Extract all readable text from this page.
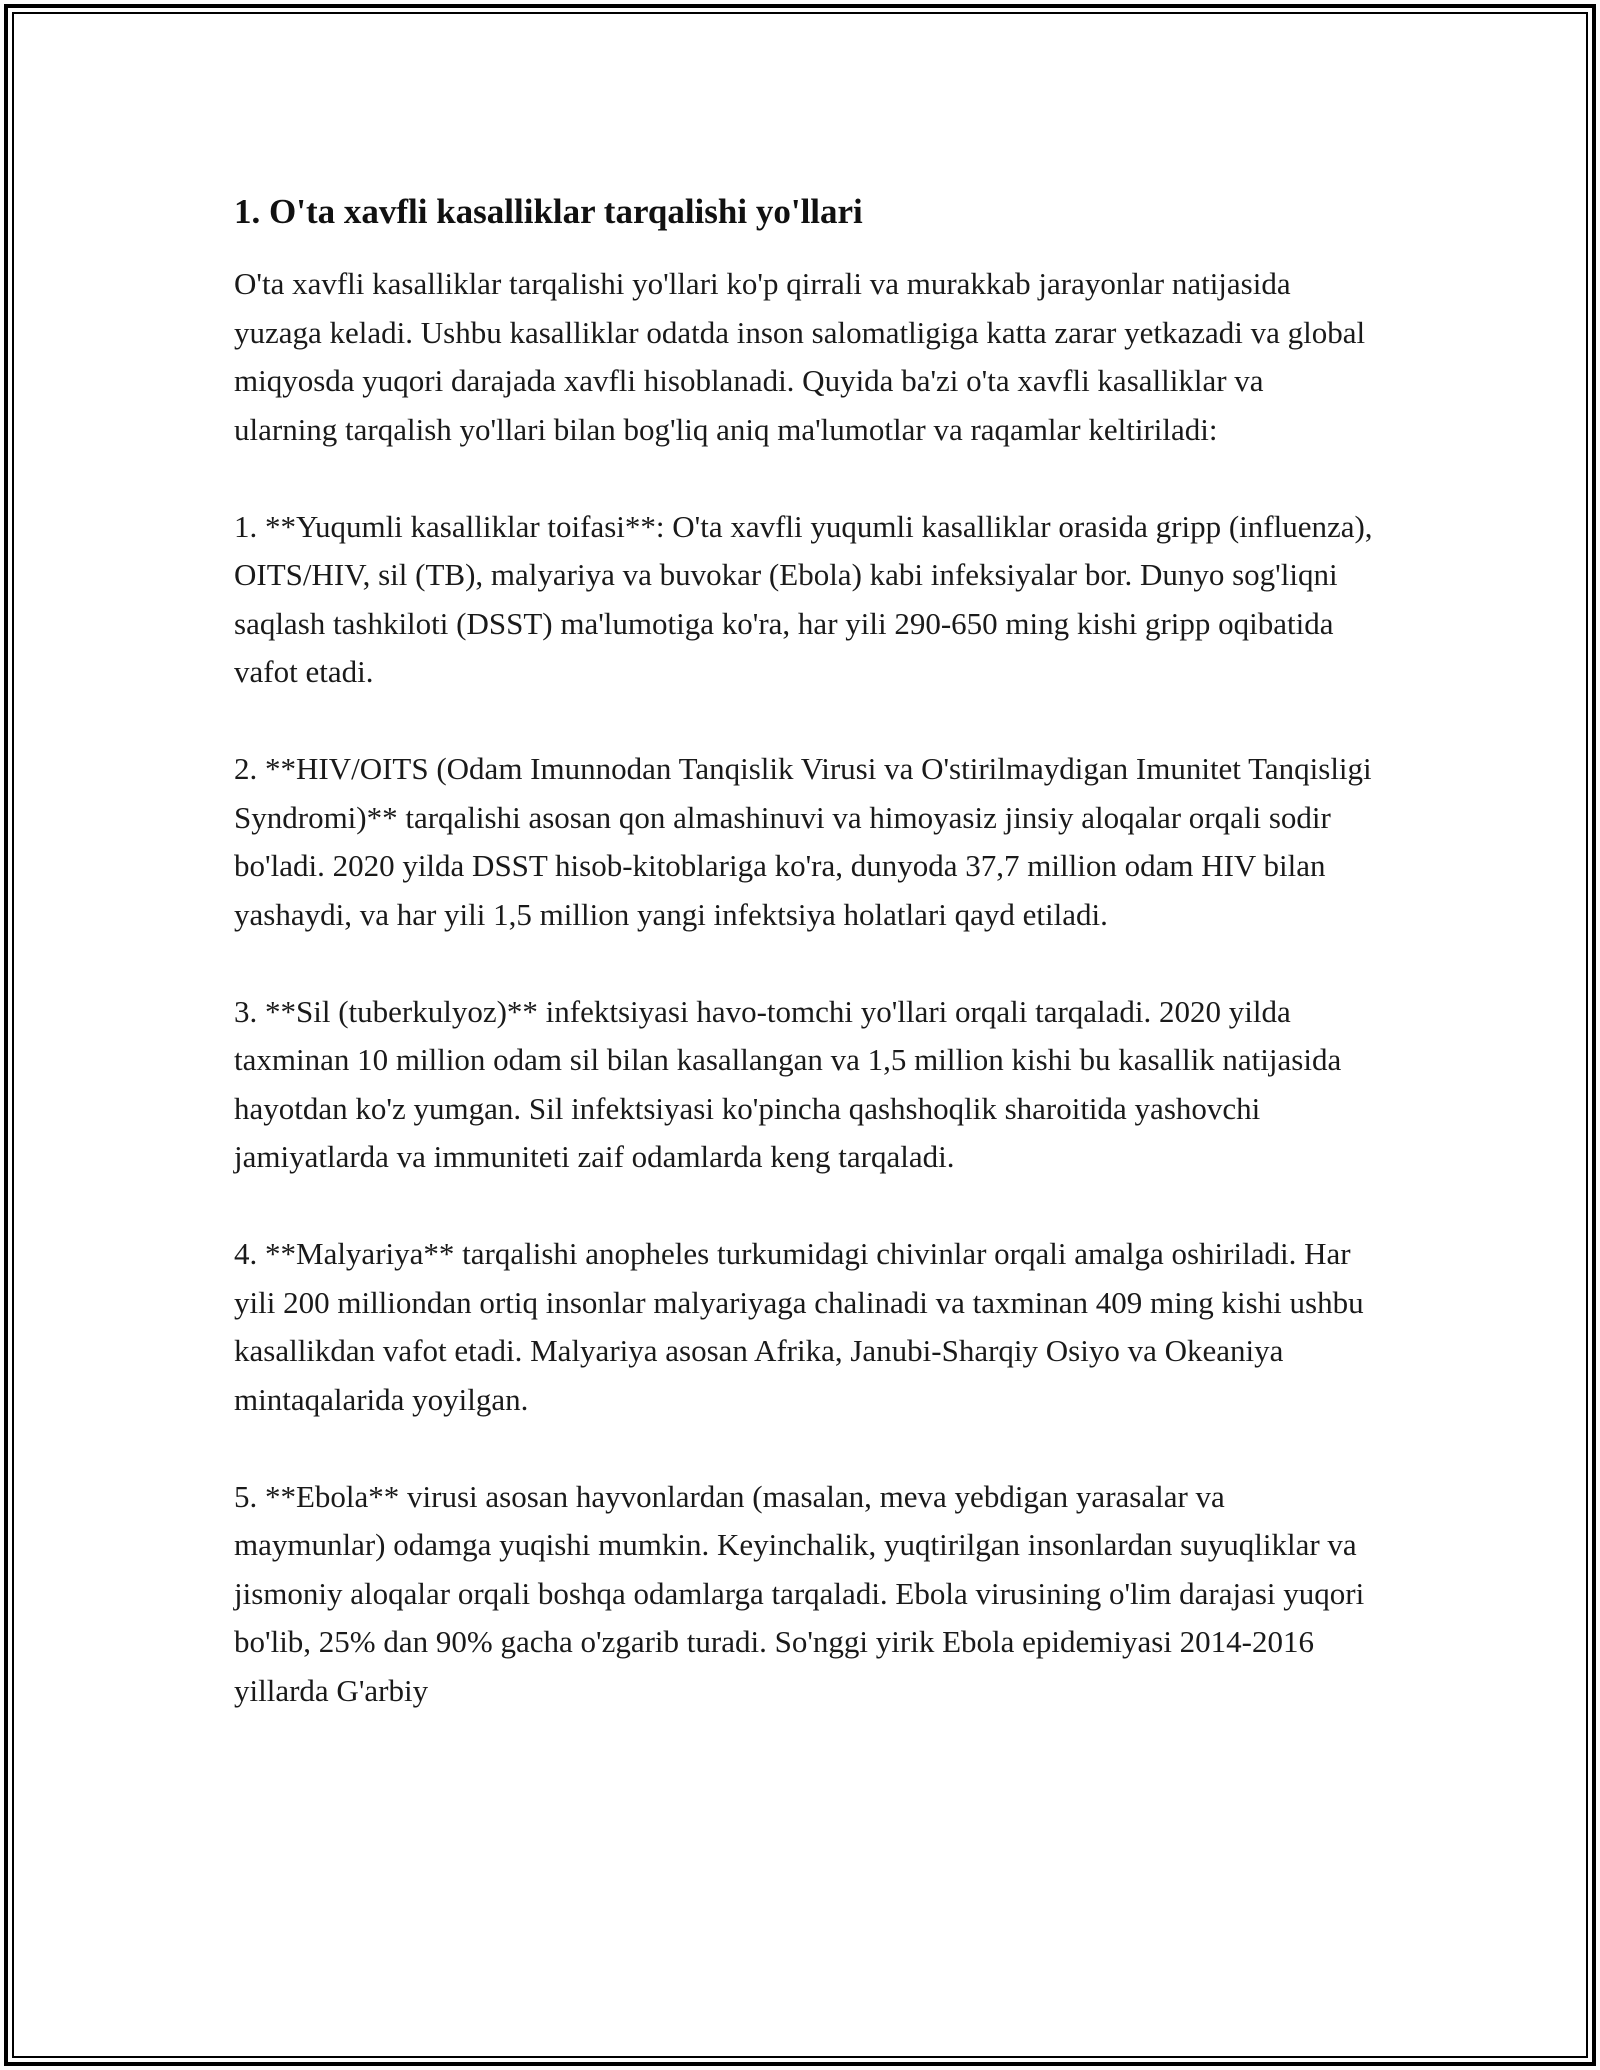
1. O'ta xavfli kasalliklar tarqalishi yo'llari

O'ta xavfli kasalliklar tarqalishi yo'llari ko'p qirrali va murakkab jarayonlar natijasida yuzaga keladi. Ushbu kasalliklar odatda inson salomatligiga katta zarar yetkazadi va global miqyosda yuqori darajada xavfli hisoblanadi. Quyida ba'zi o'ta xavfli kasalliklar va ularning tarqalish yo'llari bilan bog'liq aniq ma'lumotlar va raqamlar keltiriladi:

1. **Yuqumli kasalliklar toifasi**: O'ta xavfli yuqumli kasalliklar orasida gripp (influenza), OITS/HIV, sil (TB), malyariya va buvokar (Ebola) kabi infeksiyalar bor. Dunyo sog'liqni saqlash tashkiloti (DSST) ma'lumotiga ko'ra, har yili 290-650 ming kishi gripp oqibatida vafot etadi.

2. **HIV/OITS (Odam Imunnodan Tanqislik Virusi va O'stirilmaydigan Imunitet Tanqisligi Syndromi)** tarqalishi asosan qon almashinuvi va himoyasiz jinsiy aloqalar orqali sodir bo'ladi. 2020 yilda DSST hisob-kitoblariga ko'ra, dunyoda 37,7 million odam HIV bilan yashaydi, va har yili 1,5 million yangi infektsiya holatlari qayd etiladi.

3. **Sil (tuberkulyoz)** infektsiyasi havo-tomchi yo'llari orqali tarqaladi. 2020 yilda taxminan 10 million odam sil bilan kasallangan va 1,5 million kishi bu kasallik natijasida hayotdan ko'z yumgan. Sil infektsiyasi ko'pincha qashshoqlik sharoitida yashovchi jamiyatlarda va immuniteti zaif odamlarda keng tarqaladi.

4. **Malyariya** tarqalishi anopheles turkumidagi chivinlar orqali amalga oshiriladi. Har yili 200 milliondan ortiq insonlar malyariyaga chalinadi va taxminan 409 ming kishi ushbu kasallikdan vafot etadi. Malyariya asosan Afrika, Janubi-Sharqiy Osiyo va Okeaniya mintaqalarida yoyilgan.

5. **Ebola** virusi asosan hayvonlardan (masalan, meva yebdigan yarasalar va maymunlar) odamga yuqishi mumkin. Keyinchalik, yuqtirilgan insonlardan suyuqliklar va jismoniy aloqalar orqali boshqa odamlarga tarqaladi. Ebola virusining o'lim darajasi yuqori bo'lib, 25% dan 90% gacha o'zgarib turadi. So'nggi yirik Ebola epidemiyasi 2014-2016 yillarda G'arbiy
